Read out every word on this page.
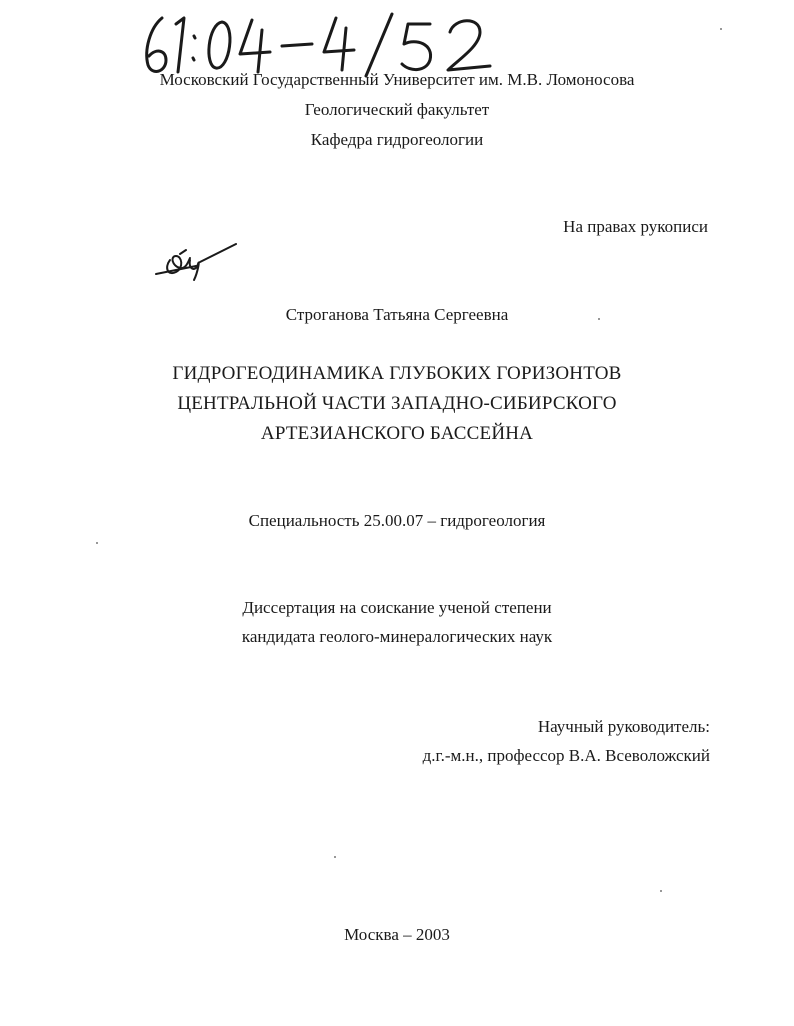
Московский Государственный Университет им. М.В. Ломоносова
Геологический факультет
Кафедра гидрогеологии
На правах рукописи
Строганова Татьяна Сергеевна
ГИДРОГЕОДИНАМИКА ГЛУБОКИХ ГОРИЗОНТОВ
ЦЕНТРАЛЬНОЙ ЧАСТИ ЗАПАДНО-СИБИРСКОГО
АРТЕЗИАНСКОГО БАССЕЙНА
Специальность 25.00.07 – гидрогеология
Диссертация на соискание ученой степени
кандидата геолого-минералогических наук
Научный руководитель:
д.г.-м.н., профессор В.А. Всеволожский
Москва – 2003
